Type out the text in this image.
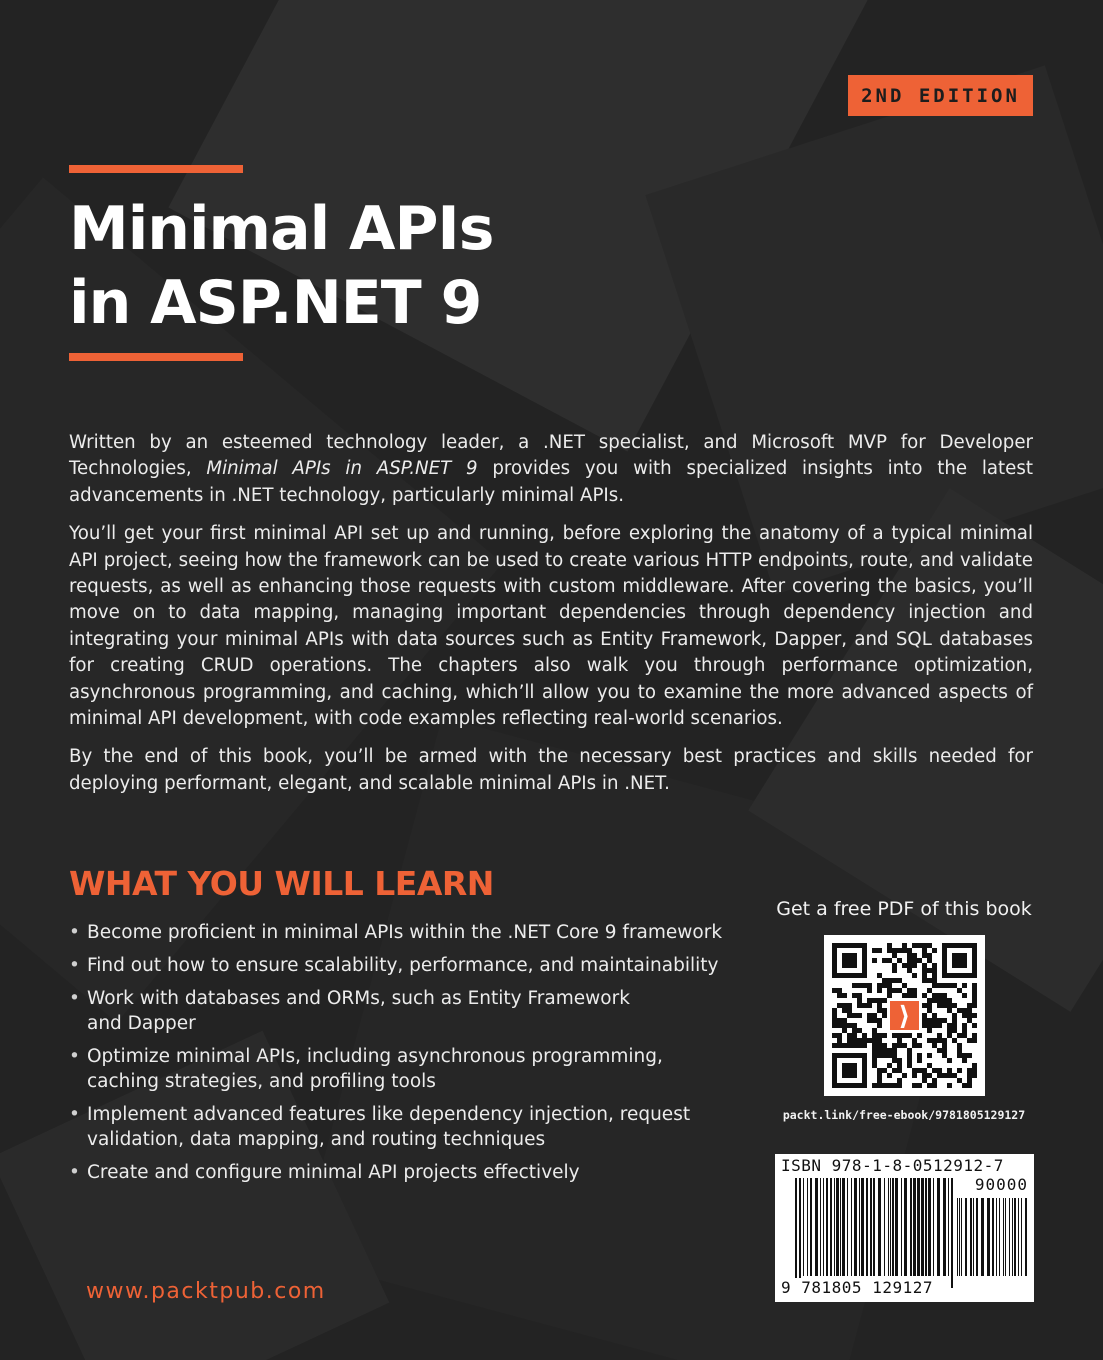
2ND EDITION
Minimal APIs
in ASP.NET 9

Written by an esteemed technology leader, a .NET specialist, and Microsoft MVP for Developer Technologies, Minimal APIs in ASP.NET 9 provides you with specialized insights into the latest advancements in .NET technology, particularly minimal APIs.

You’ll get your first minimal API set up and running, before exploring the anatomy of a typical minimal API project, seeing how the framework can be used to create various HTTP endpoints, route, and validate requests, as well as enhancing those requests with custom middleware. After covering the basics, you’ll move on to data mapping, managing important dependencies through dependency injection and integrating your minimal APIs with data sources such as Entity Framework, Dapper, and SQL databases for creating CRUD operations. The chapters also walk you through performance optimization, asynchronous programming, and caching, which’ll allow you to examine the more advanced aspects of minimal API development, with code examples reflecting real-world scenarios.

By the end of this book, you’ll be armed with the necessary best practices and skills needed for deploying performant, elegant, and scalable minimal APIs in .NET.

WHAT YOU WILL LEARN
• Become proficient in minimal APIs within the .NET Core 9 framework
• Find out how to ensure scalability, performance, and maintainability
• Work with databases and ORMs, such as Entity Framework and Dapper
• Optimize minimal APIs, including asynchronous programming, caching strategies, and profiling tools
• Implement advanced features like dependency injection, request validation, data mapping, and routing techniques
• Create and configure minimal API projects effectively
www.packtpub.com
Get a free PDF of this book
⟩
packt.link/free-ebook/9781805129127
ISBN 978-1-8-0512912-7
90000
9 781805 129127
